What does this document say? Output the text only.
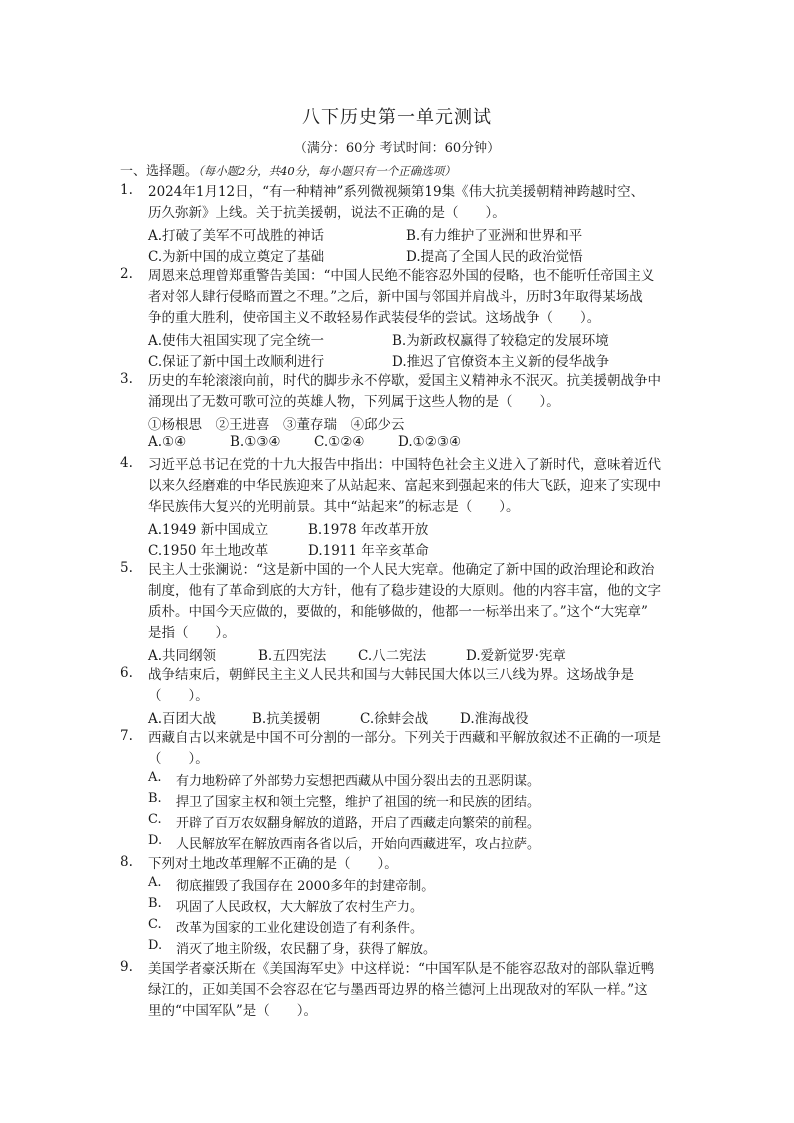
八下历史第一单元测试
（满分：60分 考试时间：60分钟）
一、选择题。（每小题2分，共40分，每小题只有一个正确选项）
1. 2024年1月12日，“有一种精神”系列微视频第19集《伟大抗美援朝精神跨越时空、
历久弥新》上线。关于抗美援朝，说法不正确的是（　　）。
A.打破了美军不可战胜的神话	B.有力维护了亚洲和世界和平
C.为新中国的成立奠定了基础	D.提高了全国人民的政治觉悟
2. 周恩来总理曾郑重警告美国：“中国人民绝不能容忍外国的侵略，也不能听任帝国主义
者对邻人肆行侵略而置之不理。”之后，新中国与邻国并肩战斗，历时3年取得某场战
争的重大胜利，使帝国主义不敢轻易作武装侵华的尝试。这场战争（　　）。
A.使伟大祖国实现了完全统一	B.为新政权赢得了较稳定的发展环境
C.保证了新中国土改顺利进行	D.推迟了官僚资本主义新的侵华战争
3. 历史的车轮滚滚向前，时代的脚步永不停歇，爱国主义精神永不泯灭。抗美援朝战争中
涌现出了无数可歌可泣的英雄人物，下列属于这些人物的是（　　）。
①杨根思　②王进喜　③董存瑞　④邱少云
A.①④	B.①③④ C.①②④ D.①②③④
4. 习近平总书记在党的十九大报告中指出：中国特色社会主义进入了新时代，意味着近代
以来久经磨难的中华民族迎来了从站起来、富起来到强起来的伟大飞跃，迎来了实现中
华民族伟大复兴的光明前景。其中“站起来”的标志是（　　）。
A.1949 新中国成立	B.1978 年改革开放
C.1950 年土地改革	D.1911 年辛亥革命
5. 民主人士张澜说：“这是新中国的一个人民大宪章。他确定了新中国的政治理论和政治
制度，他有了革命到底的大方针，他有了稳步建设的大原则。他的内容丰富，他的文字
质朴。中国今天应做的，要做的，和能够做的，他都一一标举出来了。”这个“大宪章”
是指（　　）。
A.共同纲领	B.五四宪法 C.八二宪法	D.爱新觉罗·宪章
6. 战争结束后，朝鲜民主主义人民共和国与大韩民国大体以三八线为界。这场战争是
（　　）。
A.百团大战	B.抗美援朝	C.徐蚌会战 D.淮海战役
7. 西藏自古以来就是中国不可分割的一部分。下列关于西藏和平解放叙述不正确的一项是
（　　）。
A. 有力地粉碎了外部势力妄想把西藏从中国分裂出去的丑恶阴谋。
B. 捍卫了国家主权和领土完整，维护了祖国的统一和民族的团结。
C. 开辟了百万农奴翻身解放的道路，开启了西藏走向繁荣的前程。
D. 人民解放军在解放西南各省以后，开始向西藏进军，攻占拉萨。
8. 下列对土地改革理解不正确的是（　　）。
A. 彻底摧毁了我国存在 2000多年的封建帝制。
B. 巩固了人民政权，大大解放了农村生产力。
C. 改革为国家的工业化建设创造了有利条件。
D. 消灭了地主阶级，农民翻了身，获得了解放。
9. 美国学者豪沃斯在《美国海军史》中这样说：“中国军队是不能容忍敌对的部队靠近鸭
绿江的，正如美国不会容忍在它与墨西哥边界的格兰德河上出现敌对的军队一样。”这
里的“中国军队”是（　　）。
